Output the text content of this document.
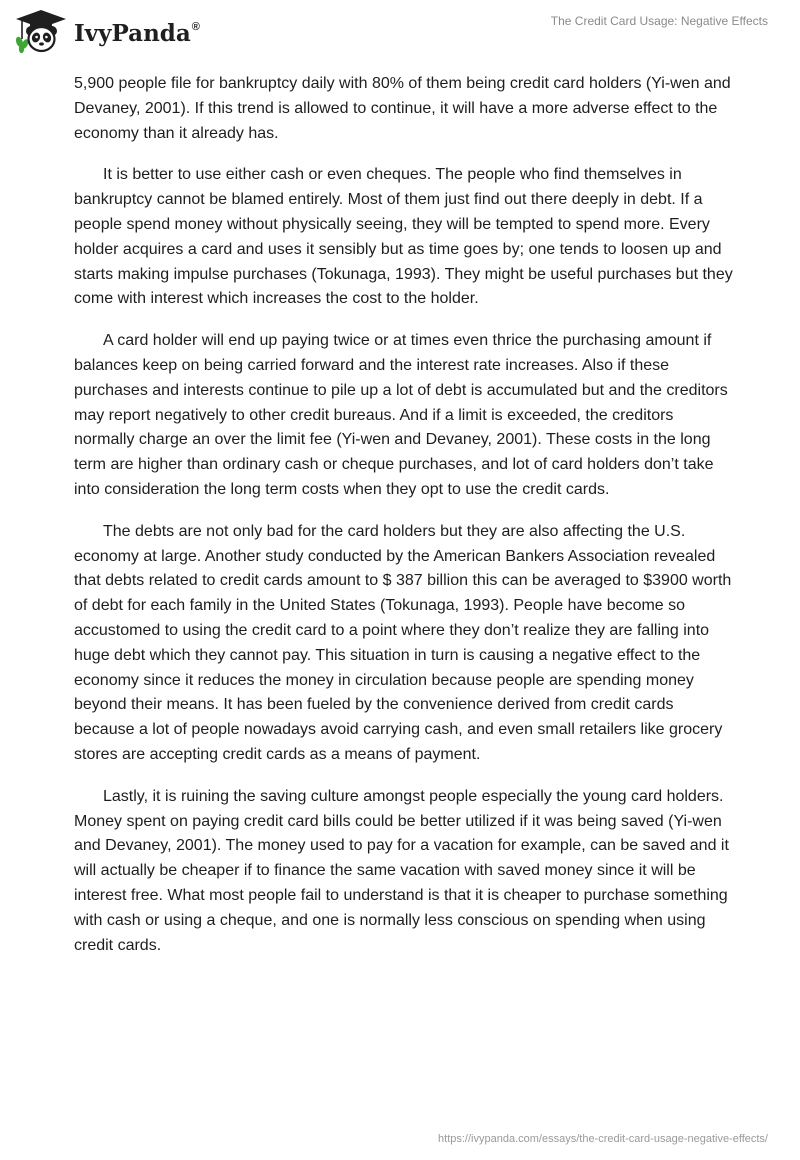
IvyPanda®	The Credit Card Usage: Negative Effects

5,900 people file for bankruptcy daily with 80% of them being credit card holders (Yi-wen and Devaney, 2001). If this trend is allowed to continue, it will have a more adverse effect to the economy than it already has.

It is better to use either cash or even cheques. The people who find themselves in bankruptcy cannot be blamed entirely. Most of them just find out there deeply in debt. If a people spend money without physically seeing, they will be tempted to spend more. Every holder acquires a card and uses it sensibly but as time goes by; one tends to loosen up and starts making impulse purchases (Tokunaga, 1993). They might be useful purchases but they come with interest which increases the cost to the holder.

A card holder will end up paying twice or at times even thrice the purchasing amount if balances keep on being carried forward and the interest rate increases. Also if these purchases and interests continue to pile up a lot of debt is accumulated but and the creditors may report negatively to other credit bureaus. And if a limit is exceeded, the creditors normally charge an over the limit fee (Yi-wen and Devaney, 2001). These costs in the long term are higher than ordinary cash or cheque purchases, and lot of card holders don’t take into consideration the long term costs when they opt to use the credit cards.

The debts are not only bad for the card holders but they are also affecting the U.S. economy at large. Another study conducted by the American Bankers Association revealed that debts related to credit cards amount to $ 387 billion this can be averaged to $3900 worth of debt for each family in the United States (Tokunaga, 1993). People have become so accustomed to using the credit card to a point where they don’t realize they are falling into huge debt which they cannot pay. This situation in turn is causing a negative effect to the economy since it reduces the money in circulation because people are spending money beyond their means. It has been fueled by the convenience derived from credit cards because a lot of people nowadays avoid carrying cash, and even small retailers like grocery stores are accepting credit cards as a means of payment.

Lastly, it is ruining the saving culture amongst people especially the young card holders. Money spent on paying credit card bills could be better utilized if it was being saved (Yi-wen and Devaney, 2001). The money used to pay for a vacation for example, can be saved and it will actually be cheaper if to finance the same vacation with saved money since it will be interest free. What most people fail to understand is that it is cheaper to purchase something with cash or using a cheque, and one is normally less conscious on spending when using credit cards.

https://ivypanda.com/essays/the-credit-card-usage-negative-effects/
